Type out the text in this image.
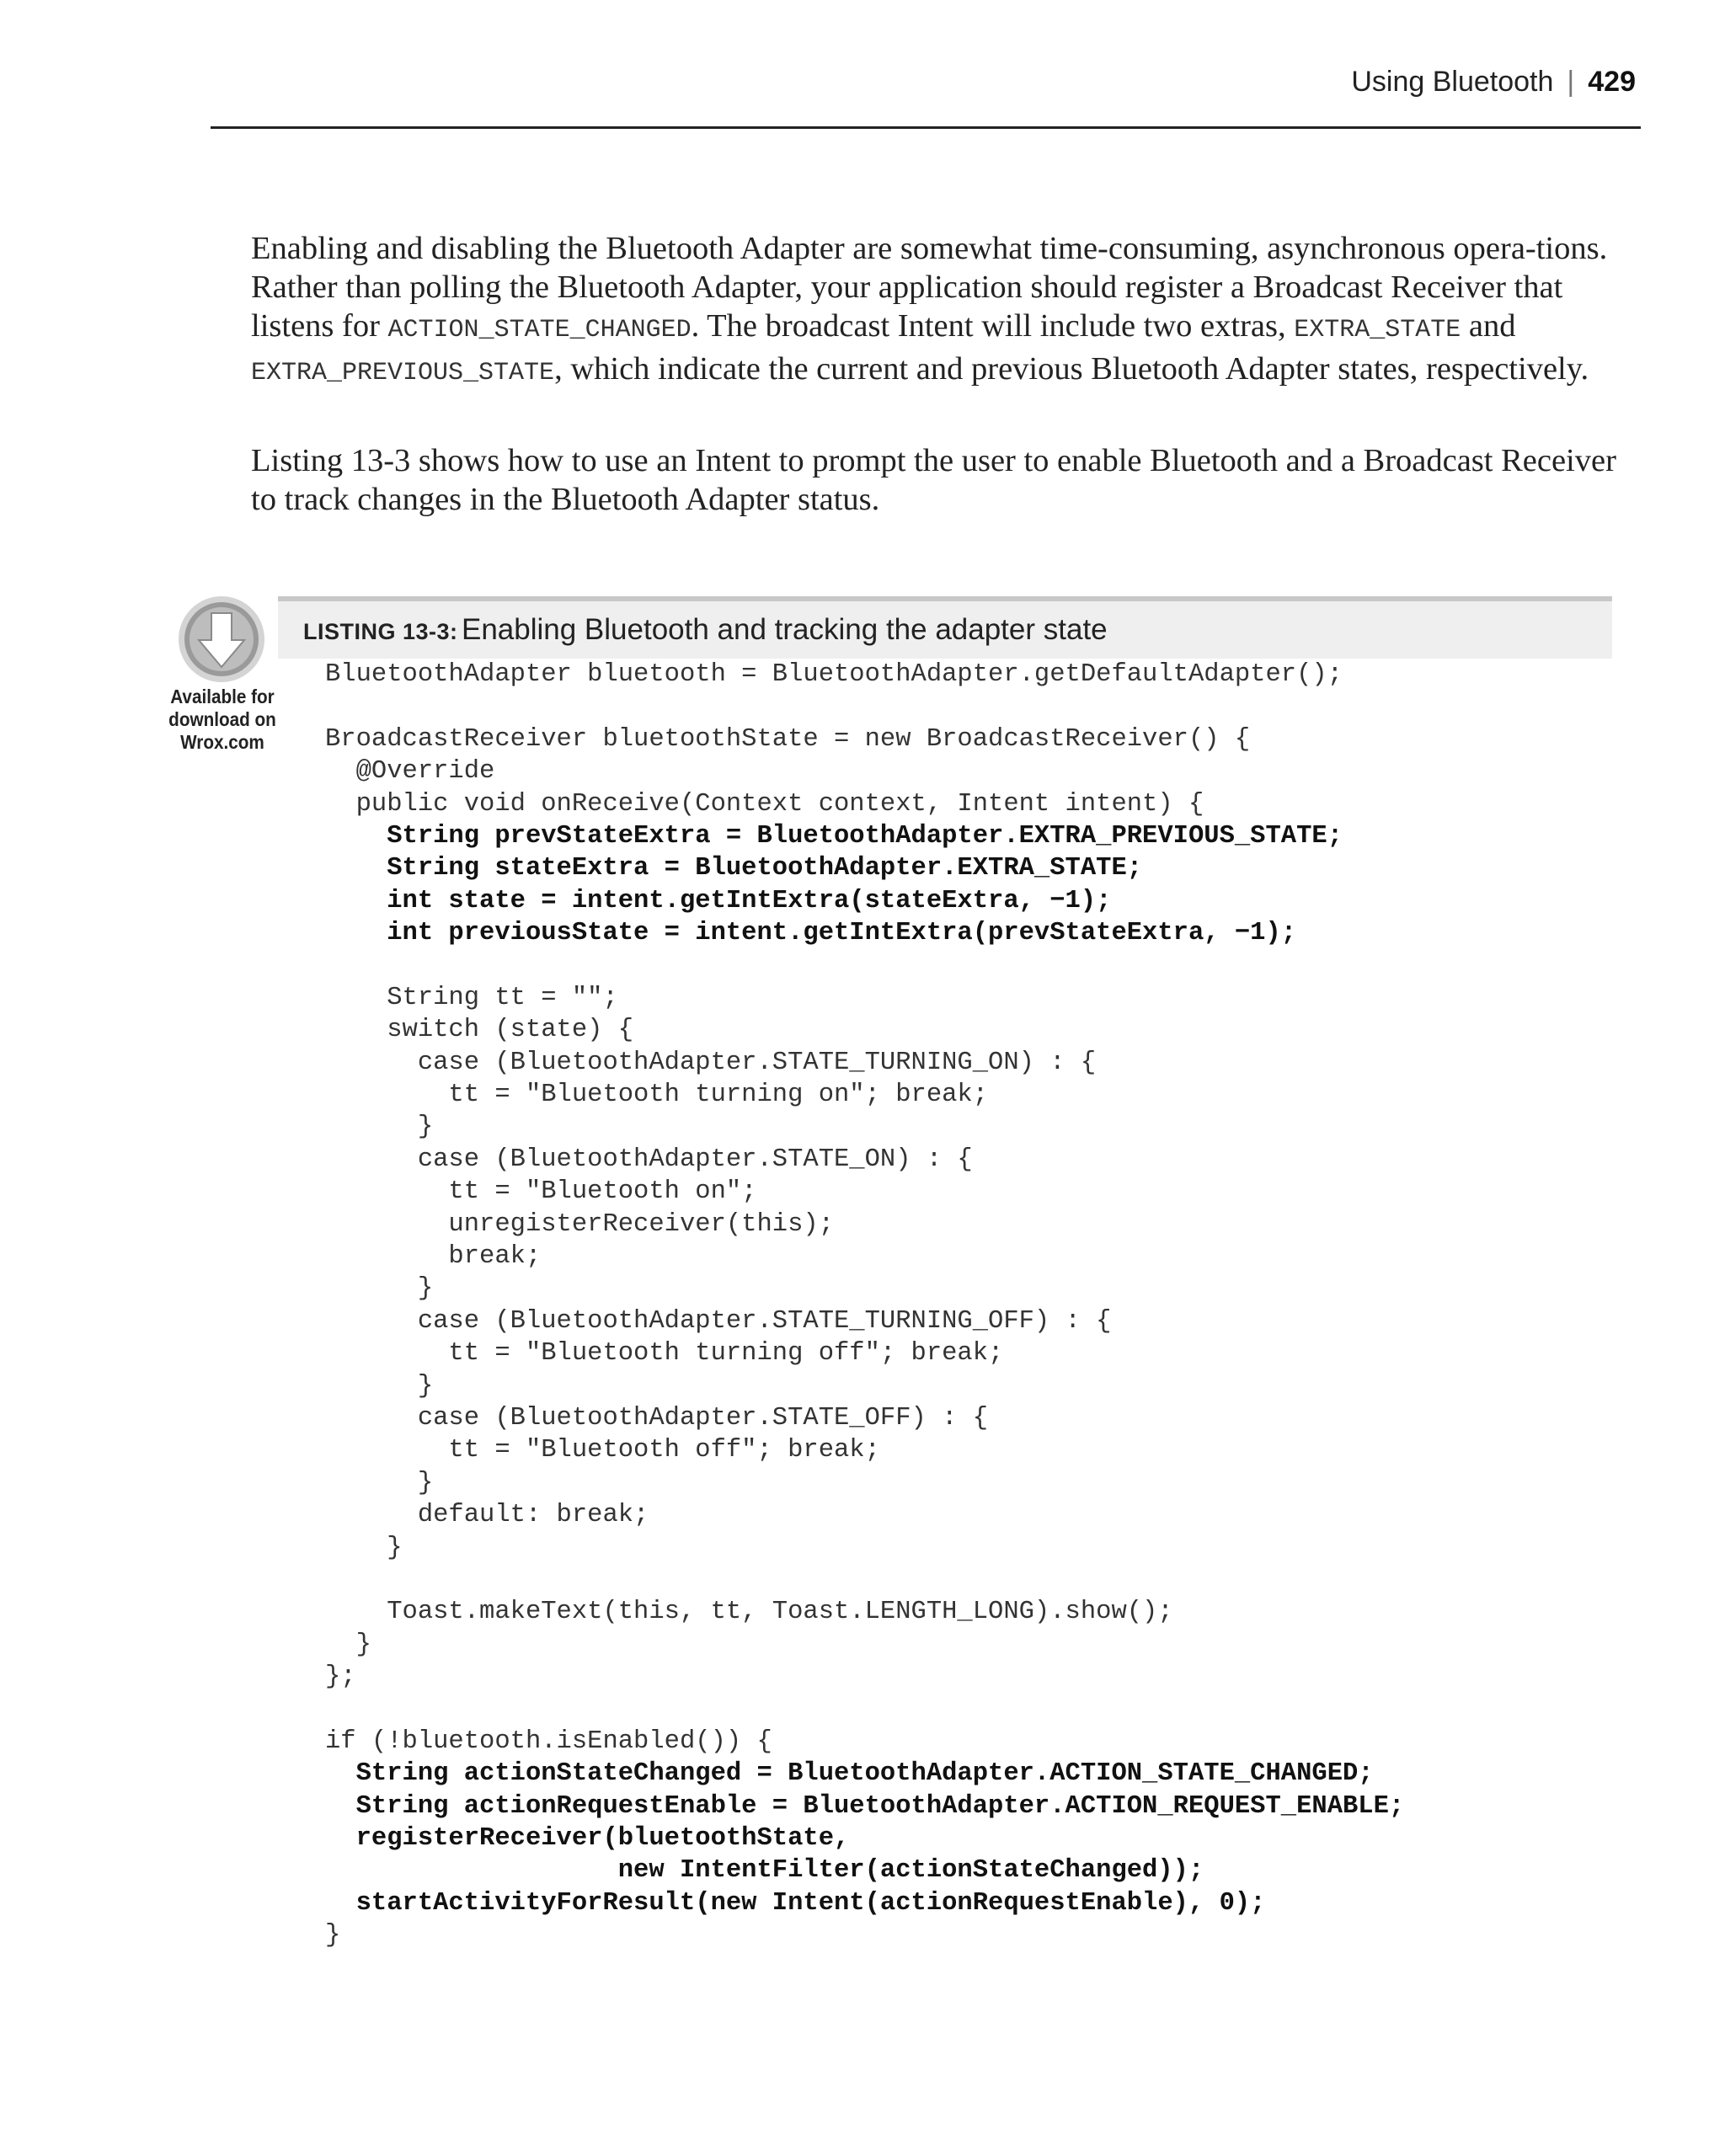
Using Bluetooth | 429

Enabling and disabling the Bluetooth Adapter are somewhat time-consuming, asynchronous opera-tions. Rather than polling the Bluetooth Adapter, your application should register a Broadcast Receiver that listens for ACTION_STATE_CHANGED. The broadcast Intent will include two extras, EXTRA_STATE and EXTRA_PREVIOUS_STATE, which indicate the current and previous Bluetooth Adapter states, respectively.

Listing 13-3 shows how to use an Intent to prompt the user to enable Bluetooth and a Broadcast Receiver to track changes in the Bluetooth Adapter status.

Available for
download on
Wrox.com
LISTING 13-3: Enabling Bluetooth and tracking the adapter state
BluetoothAdapter bluetooth = BluetoothAdapter.getDefaultAdapter();
BroadcastReceiver bluetoothState = new BroadcastReceiver() {
@Override
public void onReceive(Context context, Intent intent) {
String prevStateExtra = BluetoothAdapter.EXTRA_PREVIOUS_STATE;
String stateExtra = BluetoothAdapter.EXTRA_STATE;
int state = intent.getIntExtra(stateExtra, −1);
int previousState = intent.getIntExtra(prevStateExtra, −1);
String tt = "";
switch (state) {
case (BluetoothAdapter.STATE_TURNING_ON) : {
tt = "Bluetooth turning on"; break;
}
case (BluetoothAdapter.STATE_ON) : {
tt = "Bluetooth on";
unregisterReceiver(this);
break;
}
case (BluetoothAdapter.STATE_TURNING_OFF) : {
tt = "Bluetooth turning off"; break;
}
case (BluetoothAdapter.STATE_OFF) : {
tt = "Bluetooth off"; break;
}
default: break;
}
Toast.makeText(this, tt, Toast.LENGTH_LONG).show();
}
};
if (!bluetooth.isEnabled()) {
String actionStateChanged = BluetoothAdapter.ACTION_STATE_CHANGED;
String actionRequestEnable = BluetoothAdapter.ACTION_REQUEST_ENABLE;
registerReceiver(bluetoothState,
new IntentFilter(actionStateChanged));
startActivityForResult(new Intent(actionRequestEnable), 0);
}
